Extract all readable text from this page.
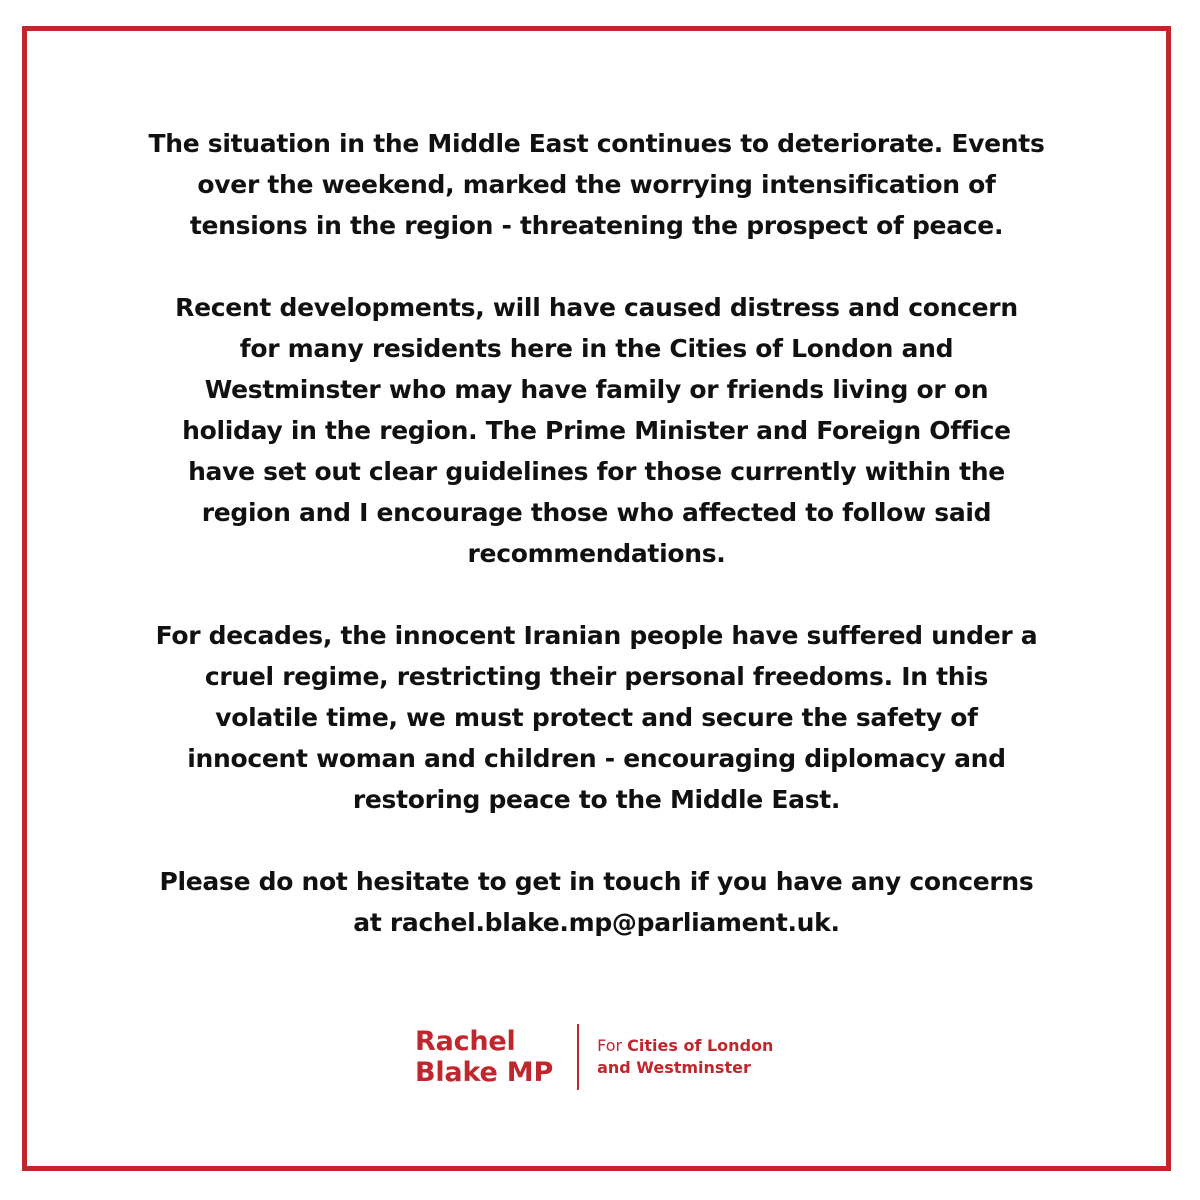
The situation in the Middle East continues to deteriorate. Events
over the weekend, marked the worrying intensification of
tensions in the region - threatening the prospect of peace.

Recent developments, will have caused distress and concern
for many residents here in the Cities of London and
Westminster who may have family or friends living or on
holiday in the region. The Prime Minister and Foreign Office
have set out clear guidelines for those currently within the
region and I encourage those who affected to follow said
recommendations.

For decades, the innocent Iranian people have suffered under a
cruel regime, restricting their personal freedoms. In this
volatile time, we must protect and secure the safety of
innocent woman and children - encouraging diplomacy and
restoring peace to the Middle East.

Please do not hesitate to get in touch if you have any concerns
at rachel.blake.mp@parliament.uk.

Rachel
Blake MP
For Cities of London
and Westminster
